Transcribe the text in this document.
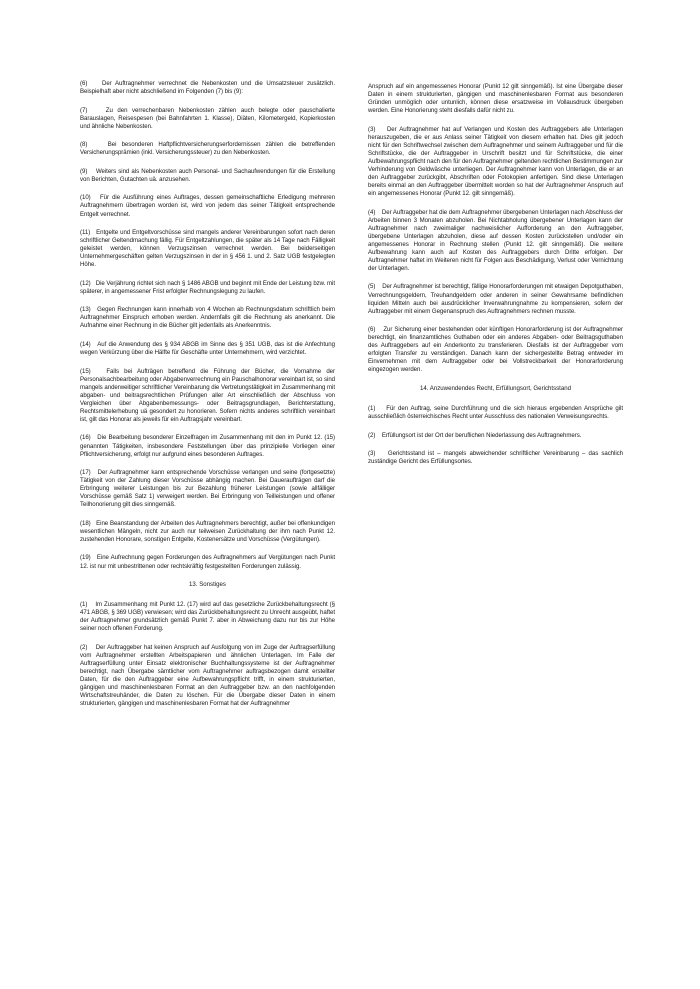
(6)    Der Auftragnehmer verrechnet die Nebenkosten und die Umsatzsteuer zusätzlich. Beispielhaft aber nicht abschließend im Folgenden (7) bis (9):

(7)    Zu den verrechenbaren Nebenkosten zählen auch belegte oder pauschalierte Barauslagen, Reisespesen (bei Bahnfahrten 1. Klasse), Diäten, Kilometergeld, Kopierkosten und ähnliche Nebenkosten.

(8)    Bei besonderen Haftpflichtversicherungserfordernissen zählen die betreffenden Versicherungsprämien (inkl. Versicherungssteuer) zu den Nebenkosten.

(9)    Weiters sind als Nebenkosten auch Personal- und Sachaufwendungen für die Erstellung von Berichten, Gutachten uä. anzusehen.

(10)   Für die Ausführung eines Auftrages, dessen gemeinschaftliche Erledigung mehreren Auftragnehmern übertragen worden ist, wird von jedem das seiner Tätigkeit entsprechende Entgelt verrechnet.

(11)   Entgelte und Entgeltvorschüsse sind mangels anderer Vereinbarungen sofort nach deren schriftlicher Geltendmachung fällig. Für Entgeltzahlungen, die später als 14 Tage nach Fälligkeit geleistet werden, können Verzugszinsen verrechnet werden. Bei beiderseitigen Unternehmergeschäften gelten Verzugszinsen in der in § 456 1. und 2. Satz UGB festgelegten Höhe.

(12)   Die Verjährung richtet sich nach § 1486 ABGB und beginnt mit Ende der Leistung bzw. mit späterer, in angemessener Frist erfolgter Rechnungslegung zu laufen.

(13)   Gegen Rechnungen kann innerhalb von 4 Wochen ab Rechnungsdatum schriftlich beim Auftragnehmer Einspruch erhoben werden. Andernfalls gilt die Rechnung als anerkannt. Die Aufnahme einer Rechnung in die Bücher gilt jedenfalls als Anerkenntnis.

(14)   Auf die Anwendung des § 934 ABGB im Sinne des § 351 UGB, das ist die Anfechtung wegen Verkürzung über die Hälfte für Geschäfte unter Unternehmern, wird verzichtet.

(15)   Falls bei Aufträgen betreffend die Führung der Bücher, die Vornahme der Personalsachbearbeitung oder Abgabenverrechnung ein Pauschalhonorar vereinbart ist, so sind mangels anderweitiger schriftlicher Vereinbarung die Vertretungstätigkeit im Zusammenhang mit abgaben- und beitragsrechtlichen Prüfungen aller Art einschließlich der Abschluss von Vergleichen über Abgabenbemessungs- oder Beitragsgrundlagen, Berichterstattung, Rechtsmittelerhebung uä gesondert zu honorieren. Sofern nichts anderes schriftlich vereinbart ist, gilt das Honorar als jeweils für ein Auftragsjahr vereinbart.

(16)   Die Bearbeitung besonderer Einzelfragen im Zusammenhang mit den im Punkt 12. (15) genannten Tätigkeiten, insbesondere Feststellungen über das prinzipielle Vorliegen einer Pflichtversicherung, erfolgt nur aufgrund eines besonderen Auftrages.

(17)   Der Auftragnehmer kann entsprechende Vorschüsse verlangen und seine (fortgesetzte) Tätigkeit von der Zahlung dieser Vorschüsse abhängig machen. Bei Daueraufträgen darf die Erbringung weiterer Leistungen bis zur Bezahlung früherer Leistungen (sowie allfälliger Vorschüsse gemäß Satz 1) verweigert werden. Bei Erbringung von Teilleistungen und offener Teilhonorierung gilt dies sinngemäß.

(18)   Eine Beanstandung der Arbeiten des Auftragnehmers berechtigt, außer bei offenkundigen wesentlichen Mängeln, nicht zur auch nur teilweisen Zurückhaltung der ihm nach Punkt 12. zustehenden Honorare, sonstigen Entgelte, Kostenersätze und Vorschüsse (Vergütungen).

(19)   Eine Aufrechnung gegen Forderungen des Auftragnehmers auf Vergütungen nach Punkt 12. ist nur mit unbestrittenen oder rechtskräftig festgestellten Forderungen zulässig.

13. Sonstiges

(1)    Im Zusammenhang mit Punkt 12. (17) wird auf das gesetzliche Zurückbehaltungsrecht (§ 471 ABGB, § 369 UGB) verwiesen; wird das Zurückbehaltungsrecht zu Unrecht ausgeübt, haftet der Auftragnehmer grundsätzlich gemäß Punkt 7. aber in Abweichung dazu nur bis zur Höhe seiner noch offenen Forderung.

(2)    Der Auftraggeber hat keinen Anspruch auf Ausfolgung von im Zuge der Auftragserfüllung vom Auftragnehmer erstellten Arbeitspapieren und ähnlichen Unterlagen. Im Falle der Auftragserfüllung unter Einsatz elektronischer Buchhaltungssysteme ist der Auftragnehmer berechtigt, nach Übergabe sämtlicher vom Auftragnehmer auftragsbezogen damit erstellter Daten, für die den Auftraggeber eine Aufbewahrungspflicht trifft, in einem strukturierten, gängigen und maschinenlesbaren Format an den Auftraggeber bzw. an den nachfolgenden Wirtschaftstreuhänder, die Daten zu löschen. Für die Übergabe dieser Daten in einem strukturierten, gängigen und maschinenlesbaren Format hat der Auftragnehmer

Anspruch auf ein angemessenes Honorar (Punkt 12 gilt sinngemäß). Ist eine Übergabe dieser Daten in einem strukturierten, gängigen und maschinenlesbaren Format aus besonderen Gründen unmöglich oder untunlich, können diese ersatzweise im Vollausdruck übergeben werden. Eine Honorierung steht diesfalls dafür nicht zu.

(3)    Der Auftragnehmer hat auf Verlangen und Kosten des Auftraggebers alle Unterlagen herauszugeben, die er aus Anlass seiner Tätigkeit von diesem erhalten hat. Dies gilt jedoch nicht für den Schriftwechsel zwischen dem Auftragnehmer und seinem Auftraggeber und für die Schriftstücke, die der Auftraggeber in Urschrift besitzt und für Schriftstücke, die einer Aufbewahrungspflicht nach den für den Auftragnehmer geltenden rechtlichen Bestimmungen zur Verhinderung von Geldwäsche unterliegen. Der Auftragnehmer kann von Unterlagen, die er an den Auftraggeber zurückgibt, Abschriften oder Fotokopien anfertigen. Sind diese Unterlagen bereits einmal an den Auftraggeber übermittelt worden so hat der Auftragnehmer Anspruch auf ein angemessenes Honorar (Punkt 12. gilt sinngemäß).

(4)    Der Auftraggeber hat die dem Auftragnehmer übergebenen Unterlagen nach Abschluss der Arbeiten binnen 3 Monaten abzuholen. Bei Nichtabholung übergebener Unterlagen kann der Auftragnehmer nach zweimaliger nachweislicher Aufforderung an den Auftraggeber, übergebene Unterlagen abzuholen, diese auf dessen Kosten zurückstellen und/oder ein angemessenes Honorar in Rechnung stellen (Punkt 12. gilt sinngemäß). Die weitere Aufbewahrung kann auch auf Kosten des Auftraggebers durch Dritte erfolgen. Der Auftragnehmer haftet im Weiteren nicht für Folgen aus Beschädigung, Verlust oder Vernichtung der Unterlagen.

(5)    Der Auftragnehmer ist berechtigt, fällige Honorarforderungen mit etwaigen Depotguthaben, Verrechnungsgeldern, Treuhandgeldern oder anderen in seiner Gewahrsame befindlichen liquiden Mitteln auch bei ausdrücklicher Inverwahrungnahme zu kompensieren, sofern der Auftraggeber mit einem Gegenanspruch des Auftragnehmers rechnen musste.

(6)    Zur Sicherung einer bestehenden oder künftigen Honorarforderung ist der Auftragnehmer berechtigt, ein finanzamtliches Guthaben oder ein anderes Abgaben- oder Beitragsguthaben des Auftraggebers auf ein Anderkonto zu transferieren. Diesfalls ist der Auftraggeber vom erfolgten Transfer zu verständigen. Danach kann der sichergestellte Betrag entweder im Einvernehmen mit dem Auftraggeber oder bei Vollstreckbarkeit der Honorarforderung eingezogen werden.

14. Anzuwendendes Recht, Erfüllungsort, Gerichtsstand

(1)    Für den Auftrag, seine Durchführung und die sich hieraus ergebenden Ansprüche gilt ausschließlich österreichisches Recht unter Ausschluss des nationalen Verweisungsrechts.

(2)    Erfüllungsort ist der Ort der beruflichen Niederlassung des Auftragnehmers.

(3)    Gerichtsstand ist – mangels abweichender schriftlicher Vereinbarung – das sachlich zuständige Gericht des Erfüllungsortes.
